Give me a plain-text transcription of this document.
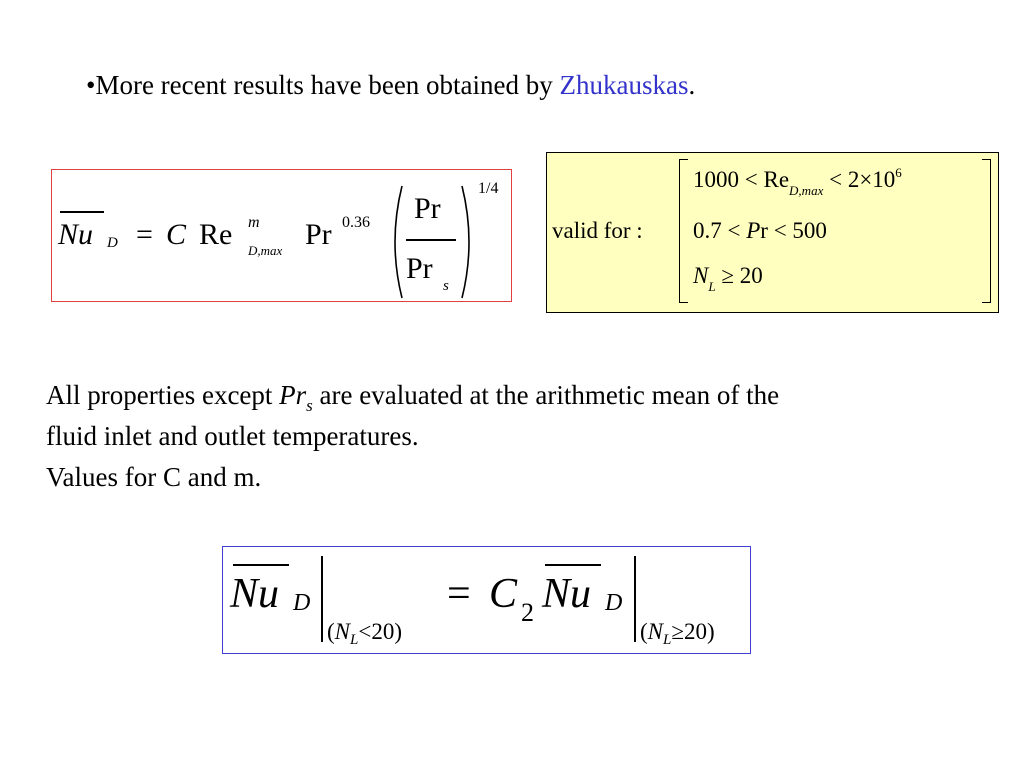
•More recent results have been obtained by Zhukauskas.
Nu D = C Re m
D,max Pr 0.36 Pr
Pr
s
1/4
valid for :
$1000 < Re_{D,max} < 2\times 10^6$
0.7 < Pr < 500
$N_L \ge 20$
All properties except $Pr_s$ are evaluated at the arithmetic mean of the
fluid inlet and outlet temperatures.
Values for C and m.
Nu D
$(N_L<20)$
= C 2 Nu D
$(N_L\ge 20)$
